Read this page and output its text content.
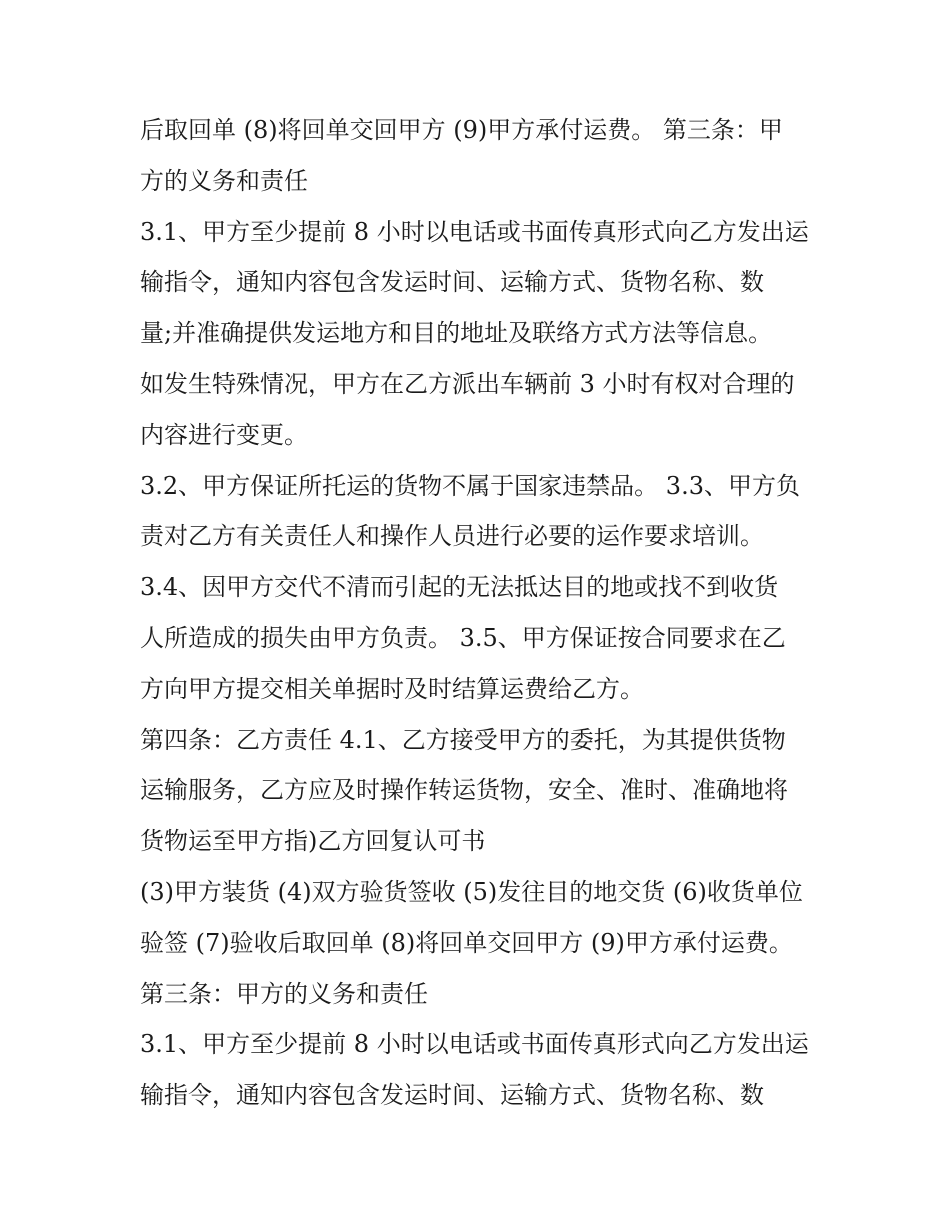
后取回单 (8)将回单交回甲方 (9)甲方承付运费。 第三条：甲
方的义务和责任
3.1、甲方至少提前 8 小时以电话或书面传真形式向乙方发出运
输指令，通知内容包含发运时间、运输方式、货物名称、数
量;并准确提供发运地方和目的地址及联络方式方法等信息。
如发生特殊情况，甲方在乙方派出车辆前 3 小时有权对合理的
内容进行变更。
3.2、甲方保证所托运的货物不属于国家违禁品。 3.3、甲方负
责对乙方有关责任人和操作人员进行必要的运作要求培训。
3.4、因甲方交代不清而引起的无法抵达目的地或找不到收货
人所造成的损失由甲方负责。 3.5、甲方保证按合同要求在乙
方向甲方提交相关单据时及时结算运费给乙方。
第四条：乙方责任 4.1、乙方接受甲方的委托，为其提供货物
运输服务，乙方应及时操作转运货物，安全、准时、准确地将
货物运至甲方指)乙方回复认可书
(3)甲方装货 (4)双方验货签收 (5)发往目的地交货 (6)收货单位
验签 (7)验收后取回单 (8)将回单交回甲方 (9)甲方承付运费。
第三条：甲方的义务和责任
3.1、甲方至少提前 8 小时以电话或书面传真形式向乙方发出运
输指令，通知内容包含发运时间、运输方式、货物名称、数
